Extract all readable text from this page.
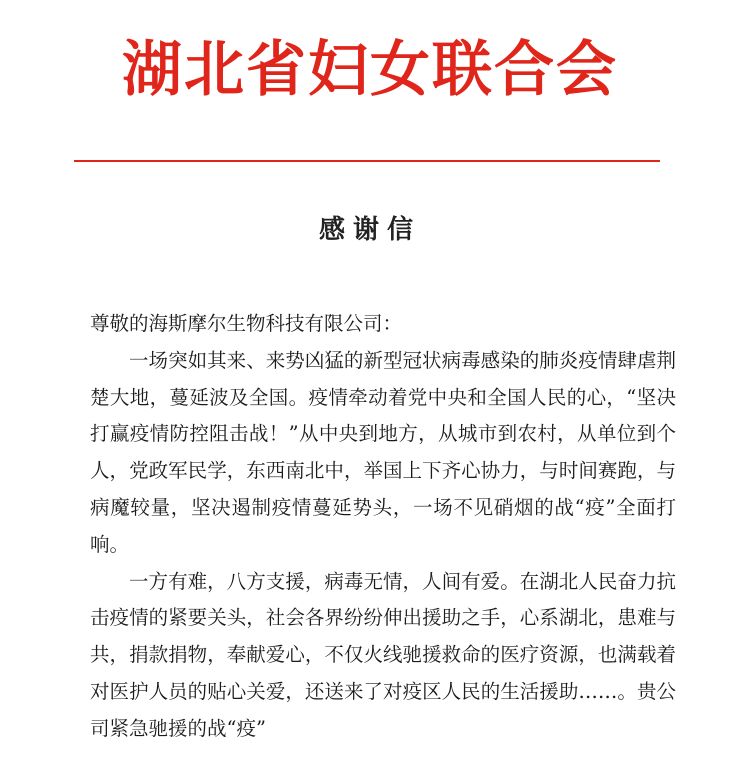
湖北省妇女联合会
感谢信

尊敬的海斯摩尔生物科技有限公司：

一场突如其来、来势凶猛的新型冠状病毒感染的肺炎疫情肆虐荆楚大地，蔓延波及全国。疫情牵动着党中央和全国人民的心，“坚决打赢疫情防控阻击战！”从中央到地方，从城市到农村，从单位到个人，党政军民学，东西南北中，举国上下齐心协力，与时间赛跑，与病魔较量，坚决遏制疫情蔓延势头，一场不见硝烟的战“疫”全面打响。

一方有难，八方支援，病毒无情，人间有爱。在湖北人民奋力抗击疫情的紧要关头，社会各界纷纷伸出援助之手，心系湖北，患难与共，捐款捐物，奉献爱心，不仅火线驰援救命的医疗资源，也满载着对医护人员的贴心关爱，还送来了对疫区人民的生活援助……。贵公司紧急驰援的战“疫”
